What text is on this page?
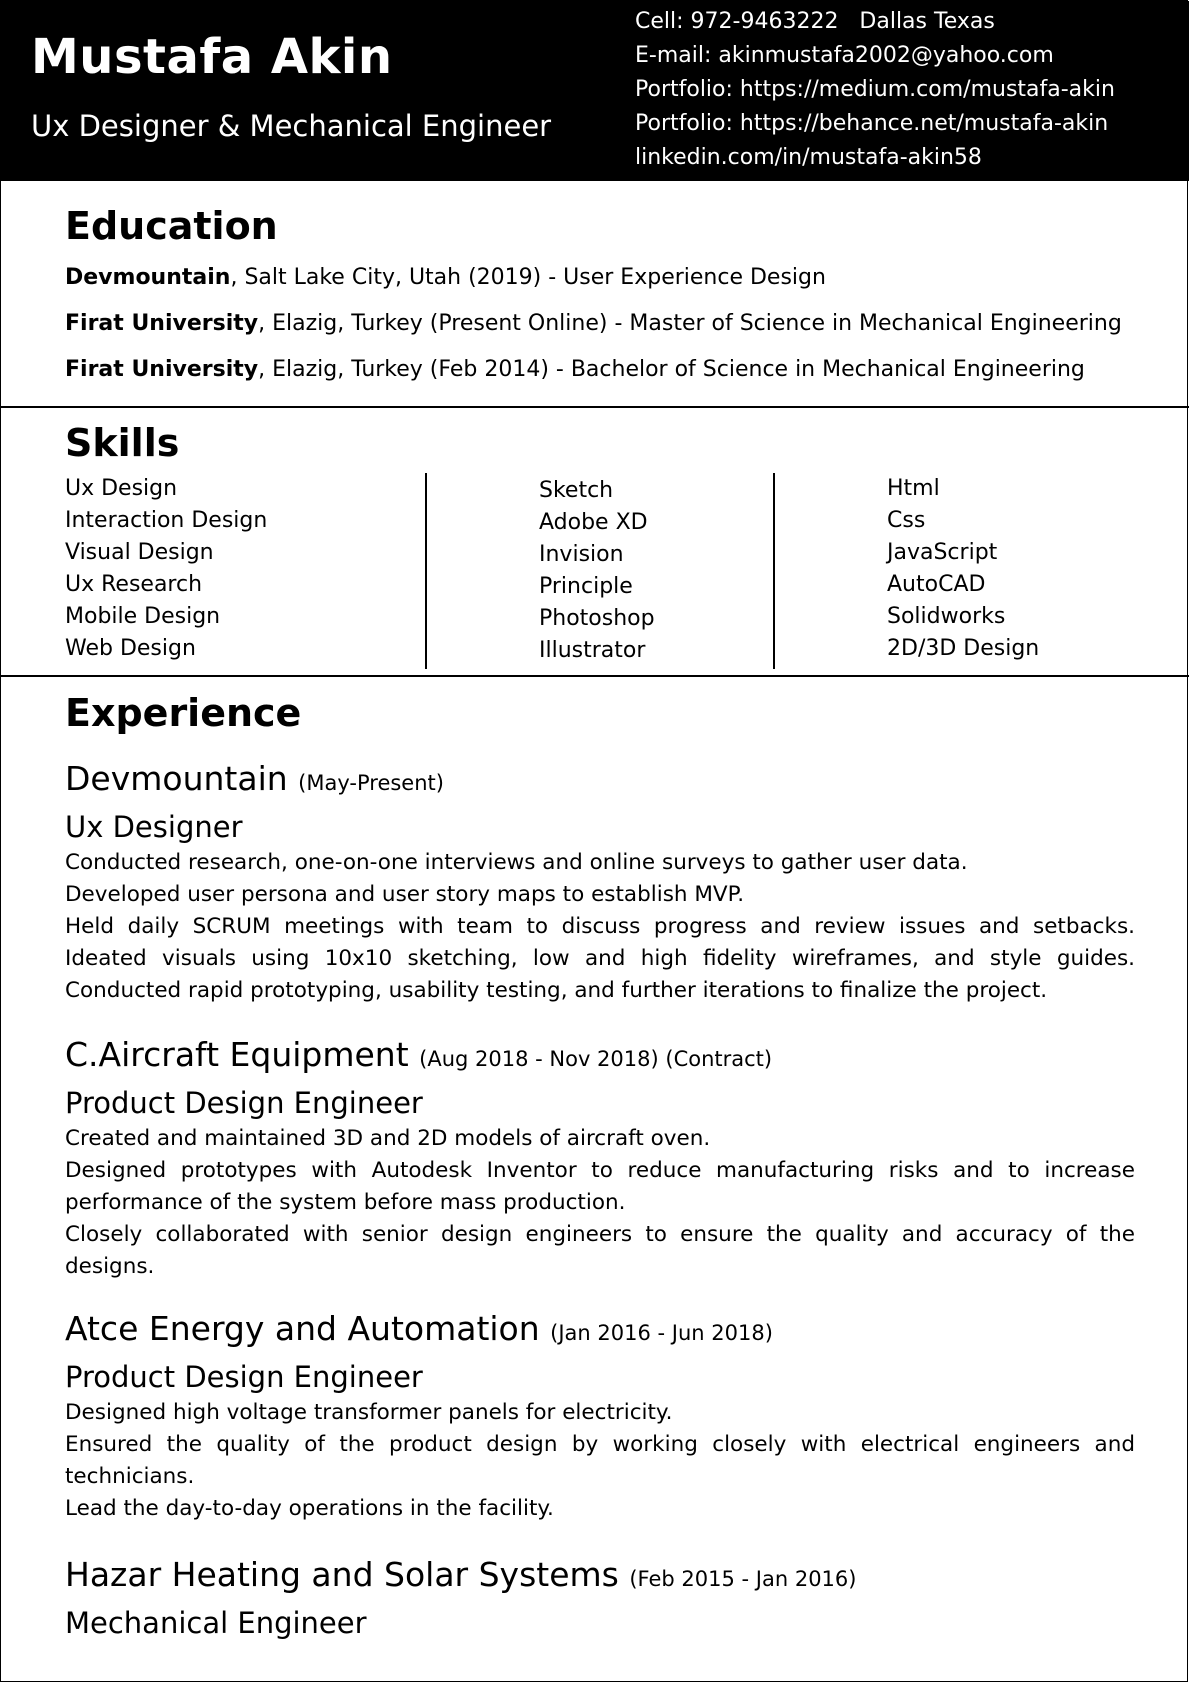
Mustafa Akin
Ux Designer & Mechanical Engineer
Cell: 972-9463222   Dallas Texas
E-mail: akinmustafa2002@yahoo.com
Portfolio: https://medium.com/mustafa-akin
Portfolio: https://behance.net/mustafa-akin
linkedin.com/in/mustafa-akin58
Education
Devmountain, Salt Lake City, Utah (2019) - User Experience Design
Firat University, Elazig, Turkey (Present Online) - Master of Science in Mechanical Engineering
Firat University, Elazig, Turkey (Feb 2014) - Bachelor of Science in Mechanical Engineering
Skills
Ux Design
Interaction Design
Visual Design
Ux Research
Mobile Design
Web Design
Sketch
Adobe XD
Invision
Principle
Photoshop
Illustrator
Html
Css
JavaScript
AutoCAD
Solidworks
2D/3D Design
Experience
Devmountain (May-Present)
Ux Designer
Conducted research, one-on-one interviews and online surveys to gather user data.
Developed user persona and user story maps to establish MVP.
Held daily SCRUM meetings with team to discuss progress and review issues and setbacks. Ideated visuals using 10x10 sketching, low and high fidelity wireframes, and style guides. Conducted rapid prototyping, usability testing, and further iterations to finalize the project.
C.Aircraft Equipment (Aug 2018 - Nov 2018) (Contract)
Product Design Engineer
Created and maintained 3D and 2D models of aircraft oven.
Designed prototypes with Autodesk Inventor to reduce manufacturing risks and to increase performance of the system before mass production.
Closely collaborated with senior design engineers to ensure the quality and accuracy of the designs.
Atce Energy and Automation (Jan 2016 - Jun 2018)
Product Design Engineer
Designed high voltage transformer panels for electricity.
Ensured the quality of the product design by working closely with electrical engineers and technicians.
Lead the day-to-day operations in the facility.
Hazar Heating and Solar Systems (Feb 2015 - Jan 2016)
Mechanical Engineer
